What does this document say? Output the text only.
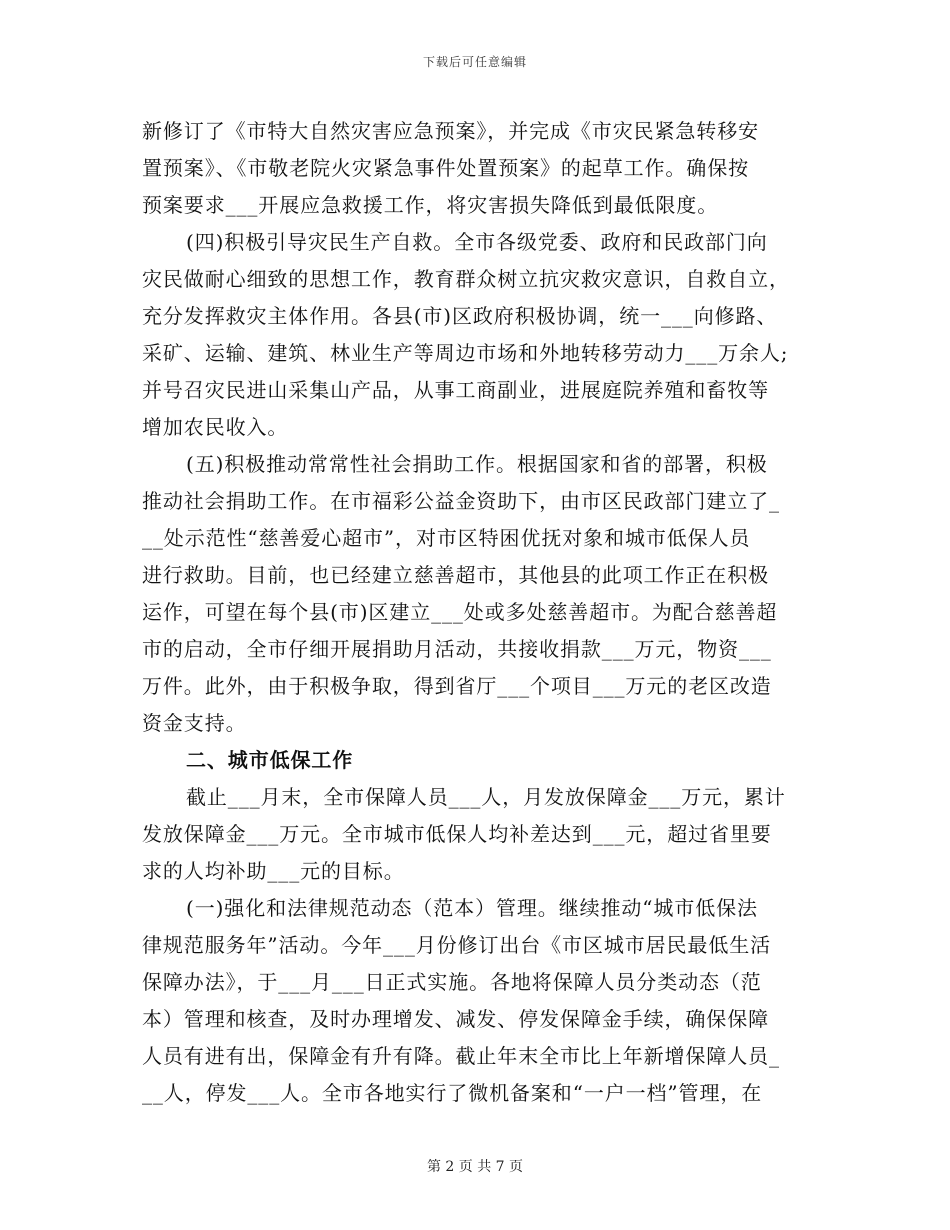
下载后可任意编辑
新修订了《市特大自然灾害应急预案》，并完成《市灾民紧急转移安
置预案》、《市敬老院火灾紧急事件处置预案》的起草工作。确保按
预案要求___开展应急救援工作，将灾害损失降低到最低限度。
(四)积极引导灾民生产自救。全市各级党委、政府和民政部门向
灾民做耐心细致的思想工作，教育群众树立抗灾救灾意识，自救自立，
充分发挥救灾主体作用。各县(市)区政府积极协调，统一___向修路、
采矿、运输、建筑、林业生产等周边市场和外地转移劳动力___万余人;
并号召灾民进山采集山产品，从事工商副业，进展庭院养殖和畜牧等
增加农民收入。
(五)积极推动常常性社会捐助工作。根据国家和省的部署，积极
推动社会捐助工作。在市福彩公益金资助下，由市区民政部门建立了_
__处示范性“慈善爱心超市”，对市区特困优抚对象和城市低保人员
进行救助。目前，也已经建立慈善超市，其他县的此项工作正在积极
运作，可望在每个县(市)区建立___处或多处慈善超市。为配合慈善超
市的启动，全市仔细开展捐助月活动，共接收捐款___万元，物资___
万件。此外，由于积极争取，得到省厅___个项目___万元的老区改造
资金支持。
二、城市低保工作
截止___月末，全市保障人员___人，月发放保障金___万元，累计
发放保障金___万元。全市城市低保人均补差达到___元，超过省里要
求的人均补助___元的目标。
(一)强化和法律规范动态（范本）管理。继续推动“城市低保法
律规范服务年”活动。今年___月份修订出台《市区城市居民最低生活
保障办法》，于___月___日正式实施。各地将保障人员分类动态（范
本）管理和核查，及时办理增发、减发、停发保障金手续，确保保障
人员有进有出，保障金有升有降。截止年末全市比上年新增保障人员_
__人，停发___人。全市各地实行了微机备案和“一户一档”管理，在
第 2 页 共 7 页
